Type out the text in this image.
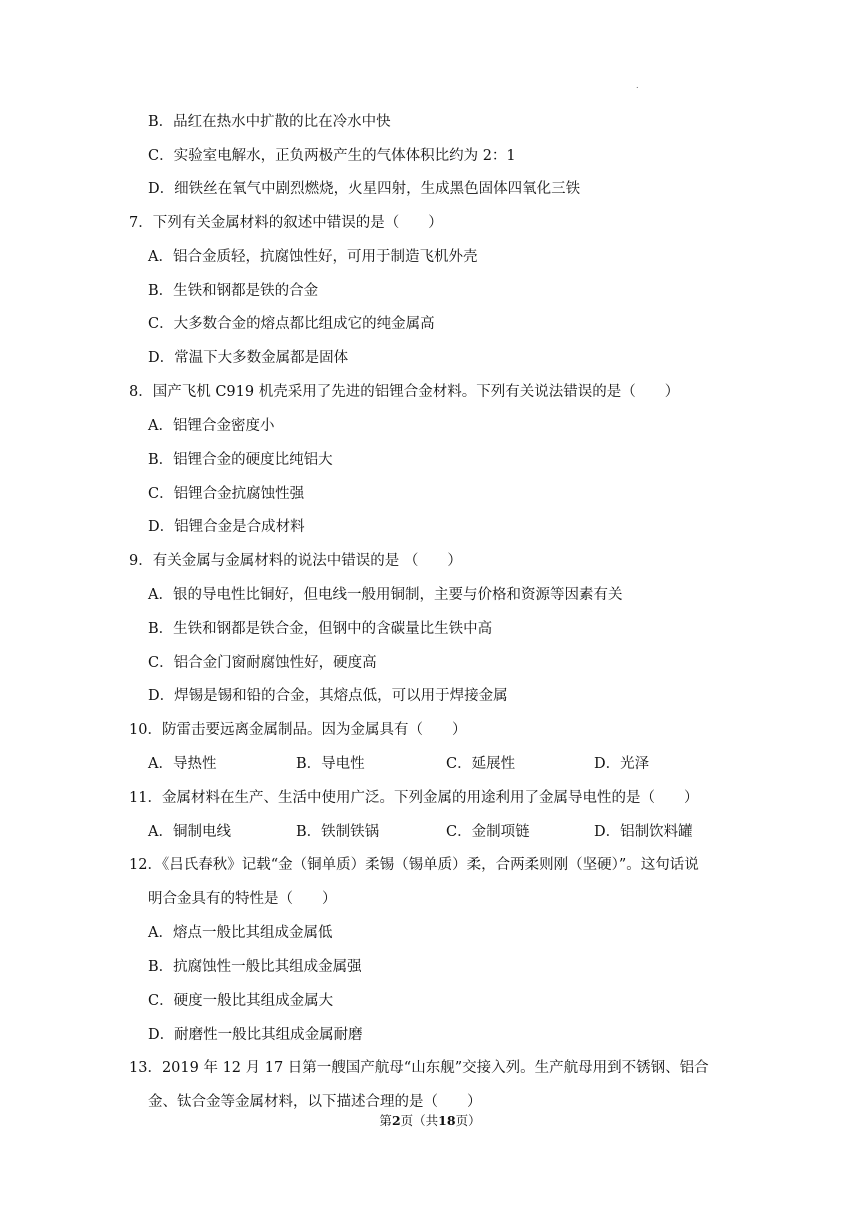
.
B．品红在热水中扩散的比在冷水中快
C．实验室电解水，正负两极产生的气体体积比约为 2：1
D．细铁丝在氧气中剧烈燃烧，火星四射，生成黑色固体四氧化三铁
7．下列有关金属材料的叙述中错误的是（　　）
A．铝合金质轻，抗腐蚀性好，可用于制造飞机外壳
B．生铁和钢都是铁的合金
C．大多数合金的熔点都比组成它的纯金属高
D．常温下大多数金属都是固体
8．国产飞机 C919 机壳采用了先进的铝锂合金材料。下列有关说法错误的是（　　）
A．铝锂合金密度小
B．铝锂合金的硬度比纯铝大
C．铝锂合金抗腐蚀性强
D．铝锂合金是合成材料
9．有关金属与金属材料的说法中错误的是 （　　）
A．银的导电性比铜好，但电线一般用铜制，主要与价格和资源等因素有关
B．生铁和钢都是铁合金，但钢中的含碳量比生铁中高
C．铝合金门窗耐腐蚀性好，硬度高
D．焊锡是锡和铅的合金，其熔点低，可以用于焊接金属
10．防雷击要远离金属制品。因为金属具有（　　）
A．导热性	B．导电性	C．延展性	D．光泽
11．金属材料在生产、生活中使用广泛。下列金属的用途利用了金属导电性的是（　　）
A．铜制电线	B．铁制铁锅	C．金制项链	D．铝制饮料罐
12．《吕氏春秋》记载“金（铜单质）柔锡（锡单质）柔，合两柔则刚（坚硬）”。这句话说
明合金具有的特性是（　　）
A．熔点一般比其组成金属低
B．抗腐蚀性一般比其组成金属强
C．硬度一般比其组成金属大
D．耐磨性一般比其组成金属耐磨
13．2019 年 12 月 17 日第一艘国产航母“山东舰”交接入列。生产航母用到不锈钢、铝合
金、钛合金等金属材料，以下描述合理的是（　　）
第2页（共18页）
